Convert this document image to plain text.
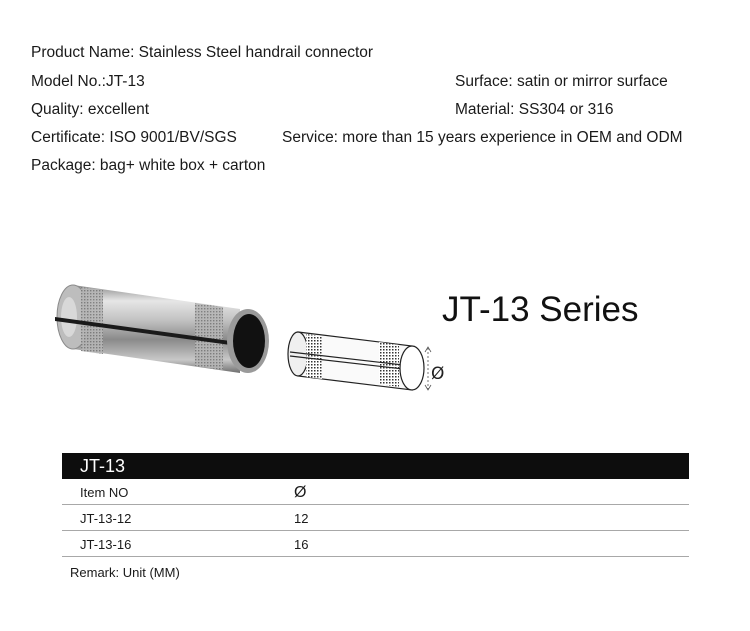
Product Name: Stainless Steel handrail connector
Model No.:JT-13	Surface: satin or mirror surface
Quality: excellent	Material: SS304 or 316
Certificate: ISO 9001/BV/SGS	Service: more than 15 years experience in OEM and ODM
Package: bag+ white box + carton
Ø
JT-13 Series
JT-13
Item NO	Ø
JT-13-12	12
JT-13-16	16
Remark: Unit (MM)
